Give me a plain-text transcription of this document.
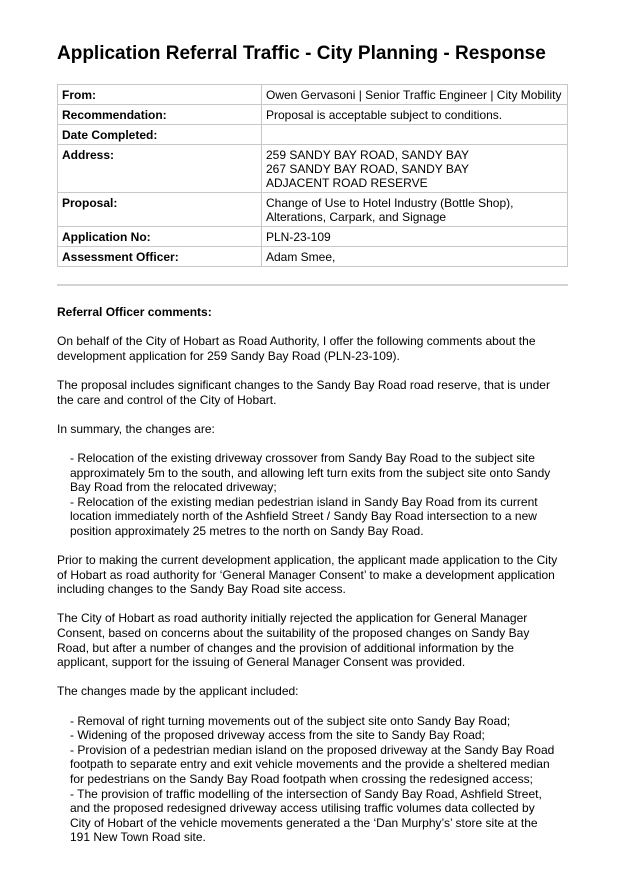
Application Referral Traffic - City Planning - Response
From:	Owen Gervasoni | Senior Traffic Engineer | City Mobility

Recommendation:	Proposal is acceptable subject to conditions.

Date Completed:	

Address:	259 SANDY BAY ROAD, SANDY BAY
267 SANDY BAY ROAD, SANDY BAY
ADJACENT ROAD RESERVE

Proposal:	Change of Use to Hotel Industry (Bottle Shop),
Alterations, Carpark, and Signage

Application No:	PLN-23-109

Assessment Officer:	Adam Smee,

Referral Officer comments:

On behalf of the City of Hobart as Road Authority, I offer the following comments about the
development application for 259 Sandy Bay Road (PLN-23-109).

The proposal includes significant changes to the Sandy Bay Road road reserve, that is under
the care and control of the City of Hobart.

In summary, the changes are:

- Relocation of the existing driveway crossover from Sandy Bay Road to the subject site
approximately 5m to the south, and allowing left turn exits from the subject site onto Sandy
Bay Road from the relocated driveway;
- Relocation of the existing median pedestrian island in Sandy Bay Road from its current
location immediately north of the Ashfield Street / Sandy Bay Road intersection to a new
position approximately 25 metres to the north on Sandy Bay Road.

Prior to making the current development application, the applicant made application to the City
of Hobart as road authority for ‘General Manager Consent’ to make a development application
including changes to the Sandy Bay Road site access.

The City of Hobart as road authority initially rejected the application for General Manager
Consent, based on concerns about the suitability of the proposed changes on Sandy Bay
Road, but after a number of changes and the provision of additional information by the
applicant, support for the issuing of General Manager Consent was provided.

The changes made by the applicant included:

- Removal of right turning movements out of the subject site onto Sandy Bay Road;
- Widening of the proposed driveway access from the site to Sandy Bay Road;
- Provision of a pedestrian median island on the proposed driveway at the Sandy Bay Road
footpath to separate entry and exit vehicle movements and the provide a sheltered median
for pedestrians on the Sandy Bay Road footpath when crossing the redesigned access;
- The provision of traffic modelling of the intersection of Sandy Bay Road, Ashfield Street,
and the proposed redesigned driveway access utilising traffic volumes data collected by
City of Hobart of the vehicle movements generated a the ‘Dan Murphy’s’ store site at the
191 New Town Road site.
